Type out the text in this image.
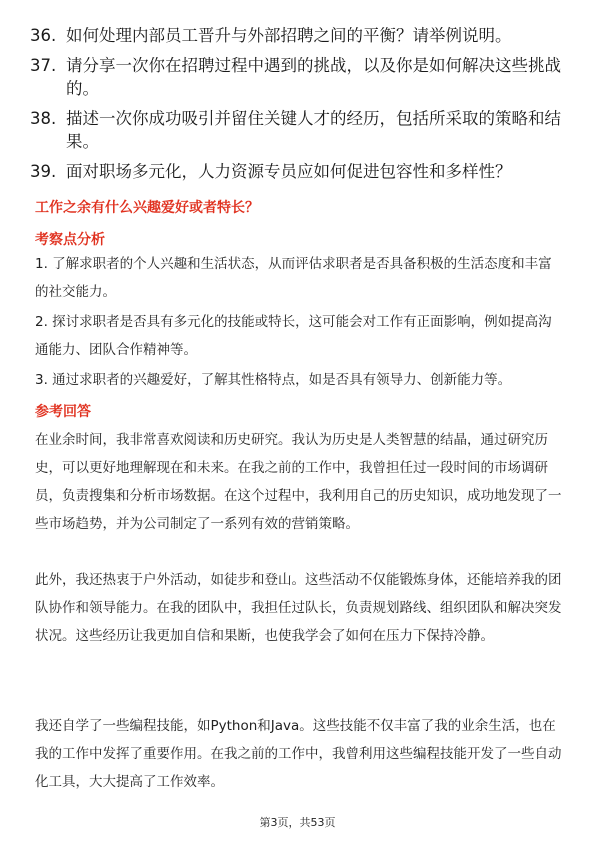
36. 如何处理内部员工晋升与外部招聘之间的平衡？请举例说明。
37. 请分享一次你在招聘过程中遇到的挑战，以及你是如何解决这些挑战的。
38. 描述一次你成功吸引并留住关键人才的经历，包括所采取的策略和结果。
39. 面对职场多元化，人力资源专员应如何促进包容性和多样性？
工作之余有什么兴趣爱好或者特长？
考察点分析
1. 了解求职者的个人兴趣和生活状态，从而评估求职者是否具备积极的生活态度和丰富的社交能力。
2. 探讨求职者是否具有多元化的技能或特长，这可能会对工作有正面影响，例如提高沟通能力、团队合作精神等。
3. 通过求职者的兴趣爱好，了解其性格特点，如是否具有领导力、创新能力等。
参考回答
在业余时间，我非常喜欢阅读和历史研究。我认为历史是人类智慧的结晶，通过研究历史，可以更好地理解现在和未来。在我之前的工作中，我曾担任过一段时间的市场调研员，负责搜集和分析市场数据。在这个过程中，我利用自己的历史知识，成功地发现了一些市场趋势，并为公司制定了一系列有效的营销策略。
此外，我还热衷于户外活动，如徒步和登山。这些活动不仅能锻炼身体，还能培养我的团队协作和领导能力。在我的团队中，我担任过队长，负责规划路线、组织团队和解决突发状况。这些经历让我更加自信和果断，也使我学会了如何在压力下保持冷静。
我还自学了一些编程技能，如Python和Java。这些技能不仅丰富了我的业余生活，也在我的工作中发挥了重要作用。在我之前的工作中，我曾利用这些编程技能开发了一些自动化工具，大大提高了工作效率。
第3页，共53页
